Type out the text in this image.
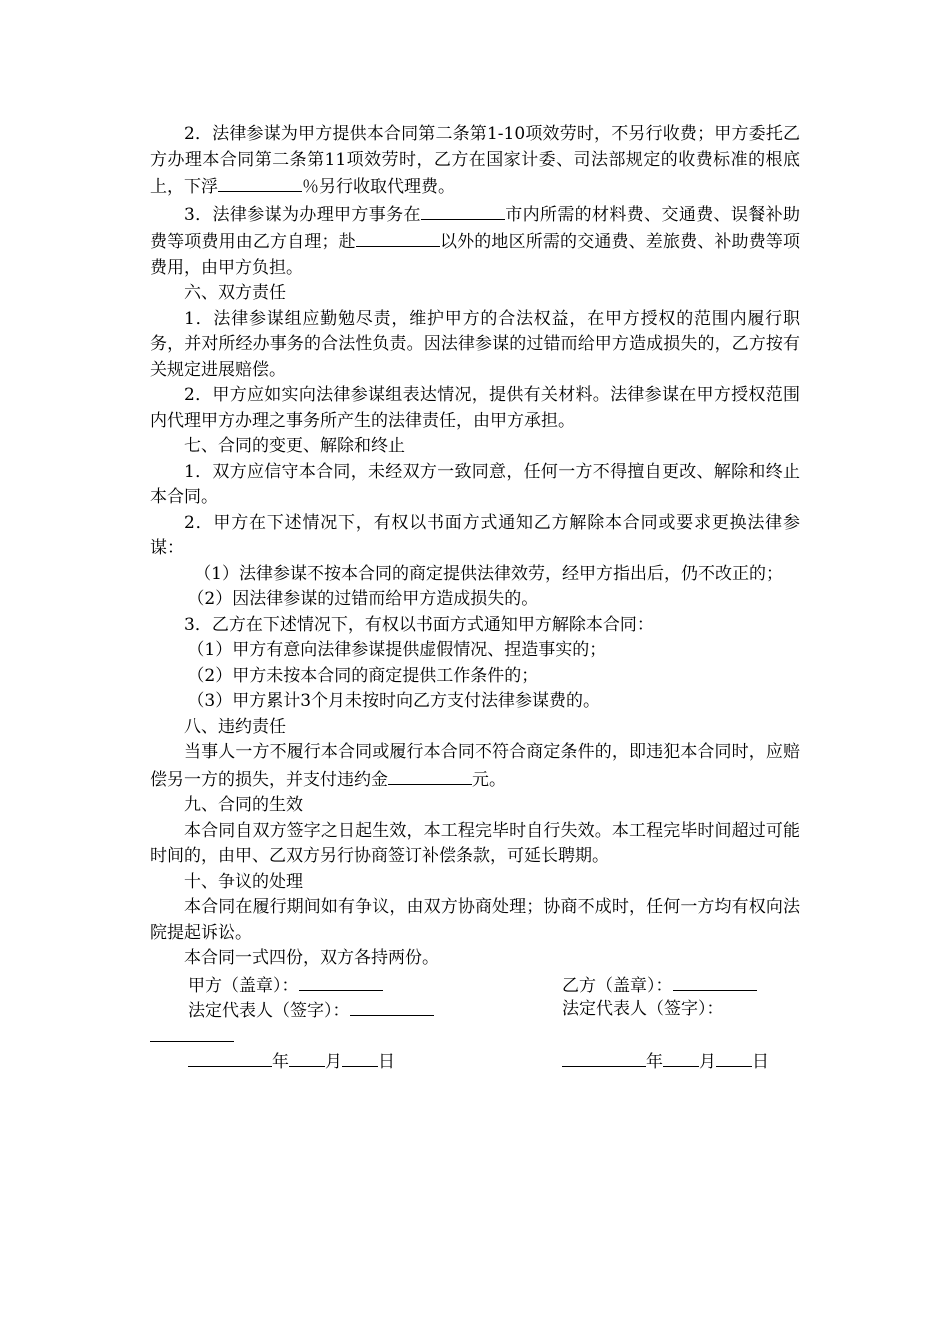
2．法律参谋为甲方提供本合同第二条第1-10项效劳时，不另行收费；甲方委托乙方办理本合同第二条第11项效劳时，乙方在国家计委、司法部规定的收费标准的根底上，下浮	％另行收取代理费。

3．法律参谋为办理甲方事务在	市内所需的材料费、交通费、误餐补助费等项费用由乙方自理；赴	以外的地区所需的交通费、差旅费、补助费等项费用，由甲方负担。

六、双方责任

1．法律参谋组应勤勉尽责，维护甲方的合法权益，在甲方授权的范围内履行职务，并对所经办事务的合法性负责。因法律参谋的过错而给甲方造成损失的，乙方按有关规定进展赔偿。

2．甲方应如实向法律参谋组表达情况，提供有关材料。法律参谋在甲方授权范围内代理甲方办理之事务所产生的法律责任，由甲方承担。

七、合同的变更、解除和终止

1．双方应信守本合同，未经双方一致同意，任何一方不得擅自更改、解除和终止本合同。

2．甲方在下述情况下，有权以书面方式通知乙方解除本合同或要求更换法律参谋：

（1）法律参谋不按本合同的商定提供法律效劳，经甲方指出后，仍不改正的；

（2）因法律参谋的过错而给甲方造成损失的。

3．乙方在下述情况下，有权以书面方式通知甲方解除本合同：

（1）甲方有意向法律参谋提供虚假情况、捏造事实的；

（2）甲方未按本合同的商定提供工作条件的；

（3）甲方累计3个月未按时向乙方支付法律参谋费的。

八、违约责任

当事人一方不履行本合同或履行本合同不符合商定条件的，即违犯本合同时，应赔偿另一方的损失，并支付违约金	元。

九、合同的生效

本合同自双方签字之日起生效，本工程完毕时自行失效。本工程完毕时间超过可能时间的，由甲、乙双方另行协商签订补偿条款，可延长聘期。

十、争议的处理

本合同在履行期间如有争议，由双方协商处理；协商不成时，任何一方均有权向法院提起诉讼。

本合同一式四份，双方各持两份。

甲方（盖章）：	乙方（盖章）：
法定代表人（签字）：	法定代表人（签字）：
年 月 日	年 月 日
